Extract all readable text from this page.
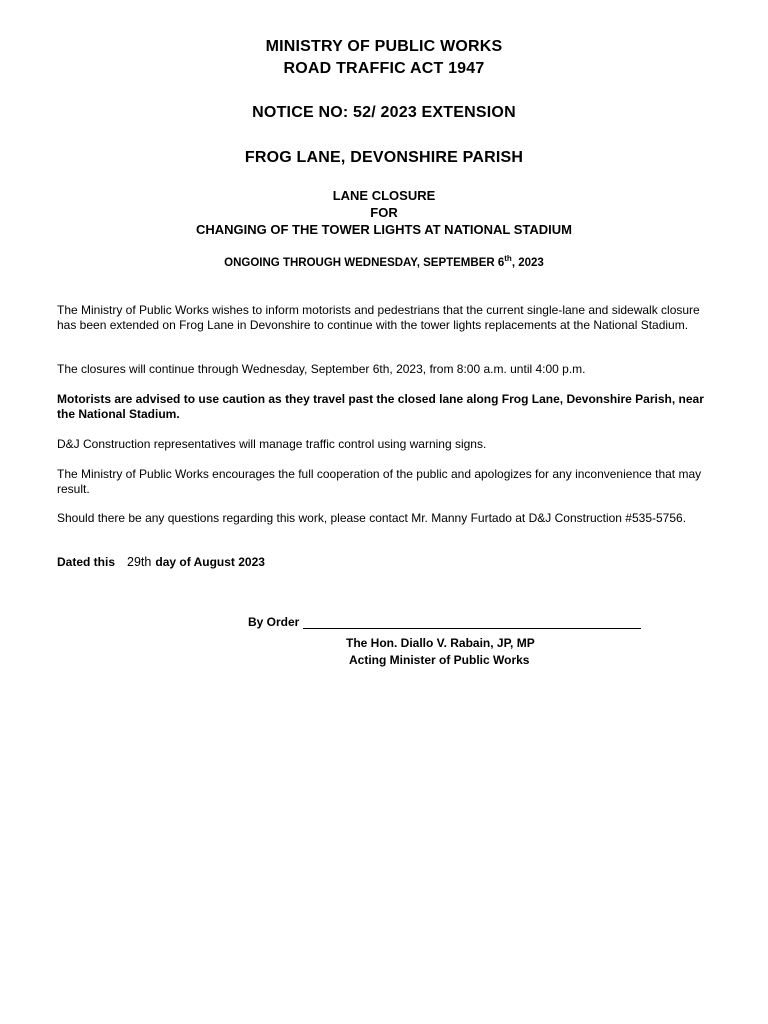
MINISTRY OF PUBLIC WORKS
ROAD TRAFFIC ACT 1947
NOTICE NO: 52/ 2023 EXTENSION
FROG LANE, DEVONSHIRE PARISH
LANE CLOSURE
FOR
CHANGING OF THE TOWER LIGHTS AT NATIONAL STADIUM
ONGOING THROUGH WEDNESDAY, SEPTEMBER 6th, 2023
The Ministry of Public Works wishes to inform motorists and pedestrians that the current single-lane and sidewalk closure has been extended on Frog Lane in Devonshire to continue with the tower lights replacements at the National Stadium.
The closures will continue through Wednesday, September 6th, 2023, from 8:00 a.m. until 4:00 p.m.
Motorists are advised to use caution as they travel past the closed lane along Frog Lane, Devonshire Parish, near the National Stadium.
D&J Construction representatives will manage traffic control using warning signs.
The Ministry of Public Works encourages the full cooperation of the public and apologizes for any inconvenience that may result.
Should there be any questions regarding this work, please contact Mr. Manny Furtado at D&J Construction #535-5756.
Dated this 29th day of August 2023
By Order
The Hon. Diallo V. Rabain, JP, MP
Acting Minister of Public Works
